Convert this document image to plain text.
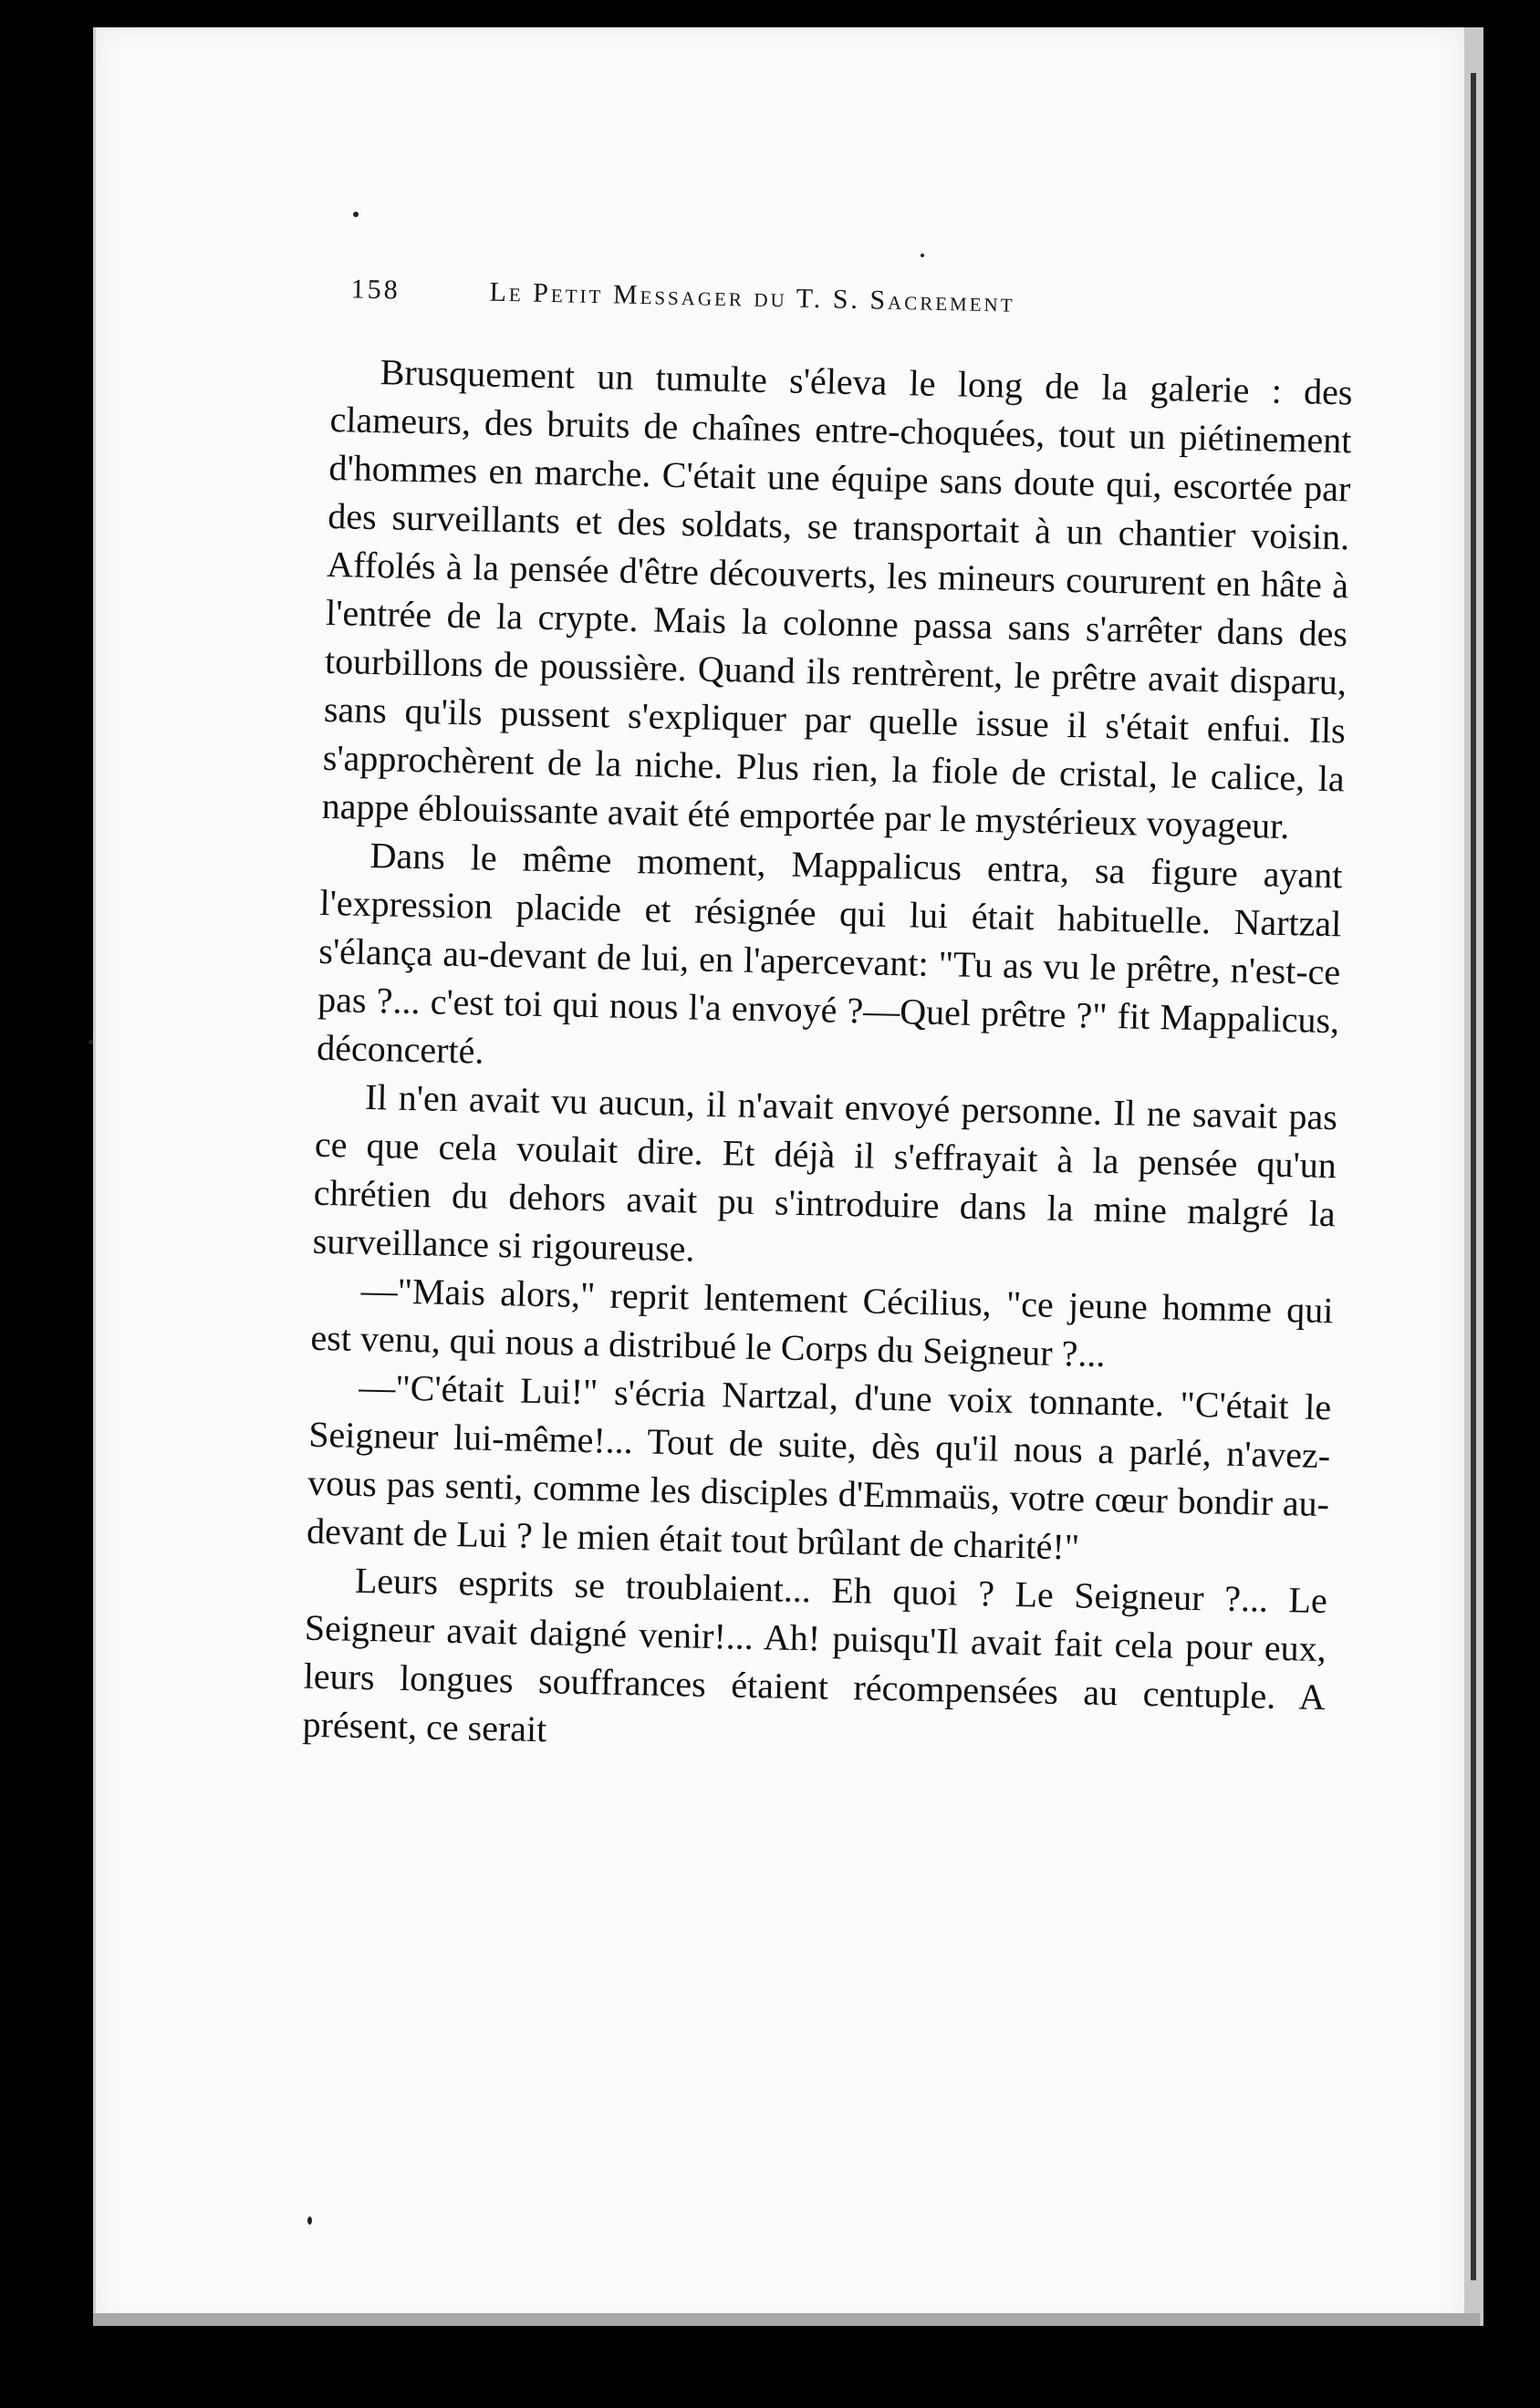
158	Le Petit Messager du T. S. Sacrement

Brusquement un tumulte s'éleva le long de la galerie : des clameurs, des bruits de chaînes entre-choquées, tout un piétinement d'hommes en marche. C'était une équipe sans doute qui, escortée par des surveillants et des soldats, se transportait à un chantier voisin. Affolés à la pensée d'être découverts, les mineurs coururent en hâte à l'entrée de la crypte. Mais la colonne passa sans s'arrêter dans des tourbillons de poussière. Quand ils rentrèrent, le prêtre avait disparu, sans qu'ils pussent s'expliquer par quelle issue il s'était enfui. Ils s'approchèrent de la niche. Plus rien, la fiole de cristal, le calice, la nappe éblouissante avait été emportée par le mystérieux voyageur.

Dans le même moment, Mappalicus entra, sa figure ayant l'expression placide et résignée qui lui était habituelle. Nartzal s'élança au-devant de lui, en l'apercevant: "Tu as vu le prêtre, n'est-ce pas ?... c'est toi qui nous l'a envoyé ?—Quel prêtre ?" fit Mappalicus, déconcerté.

Il n'en avait vu aucun, il n'avait envoyé personne. Il ne savait pas ce que cela voulait dire. Et déjà il s'effrayait à la pensée qu'un chrétien du dehors avait pu s'introduire dans la mine malgré la surveillance si rigoureuse.

—"Mais alors," reprit lentement Cécilius, "ce jeune homme qui est venu, qui nous a distribué le Corps du Seigneur ?...

—"C'était Lui!" s'écria Nartzal, d'une voix tonnante. "C'était le Seigneur lui-même!... Tout de suite, dès qu'il nous a parlé, n'avez-vous pas senti, comme les disciples d'Emmaüs, votre cœur bondir au-devant de Lui ? le mien était tout brûlant de charité!"

Leurs esprits se troublaient... Eh quoi ? Le Seigneur ?... Le Seigneur avait daigné venir!... Ah! puisqu'Il avait fait cela pour eux, leurs longues souffrances étaient récompensées au centuple. A présent, ce serait
